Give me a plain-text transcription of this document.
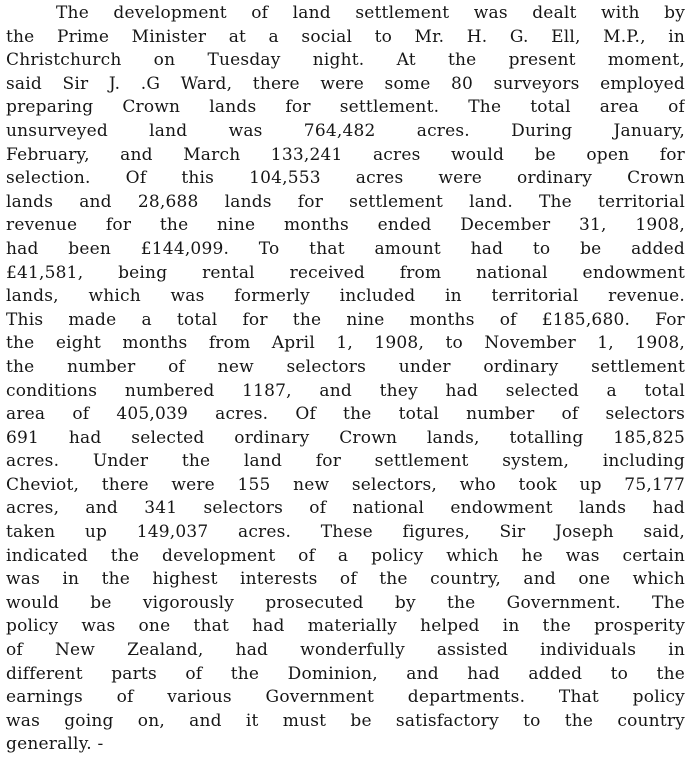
The development of land settlement was dealt with by
the Prime Minister at a social to Mr. H. G. Ell, M.P., in
Christchurch on Tuesday night. At the present moment,
said Sir J. .G Ward, there were some 80 surveyors employed
preparing Crown lands for settlement. The total area of
unsurveyed land was 764,482 acres. During January,
February, and March 133,241 acres would be open for
selection. Of this 104,553 acres were ordinary Crown
lands and 28,688 lands for settlement land. The territorial
revenue for the nine months ended December 31, 1908,
had been £144,099. To that amount had to be added
£41,581, being rental received from national endowment
lands, which was formerly included in territorial revenue.
This made a total for the nine months of £185,680. For
the eight months from April 1, 1908, to November 1, 1908,
the number of new selectors under ordinary settlement
conditions numbered 1187, and they had selected a total
area of 405,039 acres. Of the total number of selectors
691 had selected ordinary Crown lands, totalling 185,825
acres. Under the land for settlement system, including
Cheviot, there were 155 new selectors, who took up 75,177
acres, and 341 selectors of national endowment lands had
taken up 149,037 acres. These figures, Sir Joseph said,
indicated the development of a policy which he was certain
was in the highest interests of the country, and one which
would be vigorously prosecuted by the Government. The
policy was one that had materially helped in the prosperity
of New Zealand, had wonderfully assisted individuals in
different parts of the Dominion, and had added to the
earnings of various Government departments. That policy
was going on, and it must be satisfactory to the country
generally. -
